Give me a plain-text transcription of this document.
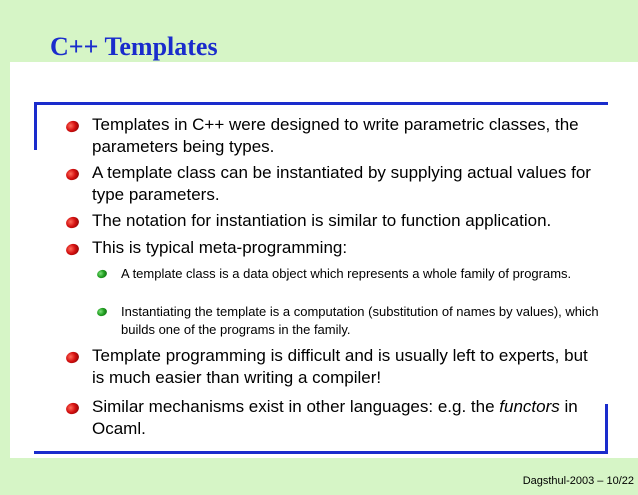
C++ Templates
Templates in C++ were designed to write parametric classes, the parameters being types.
A template class can be instantiated by supplying actual values for type parameters.
The notation for instantiation is similar to function application.
This is typical meta-programming:
A template class is a data object which represents a whole family of programs.
Instantiating the template is a computation (substitution of names by values), which builds one of the programs in the family.
Template programming is difficult and is usually left to experts, but is much easier than writing a compiler!
Similar mechanisms exist in other languages: e.g. the functors in Ocaml.
Dagsthul-2003 – 10/22
